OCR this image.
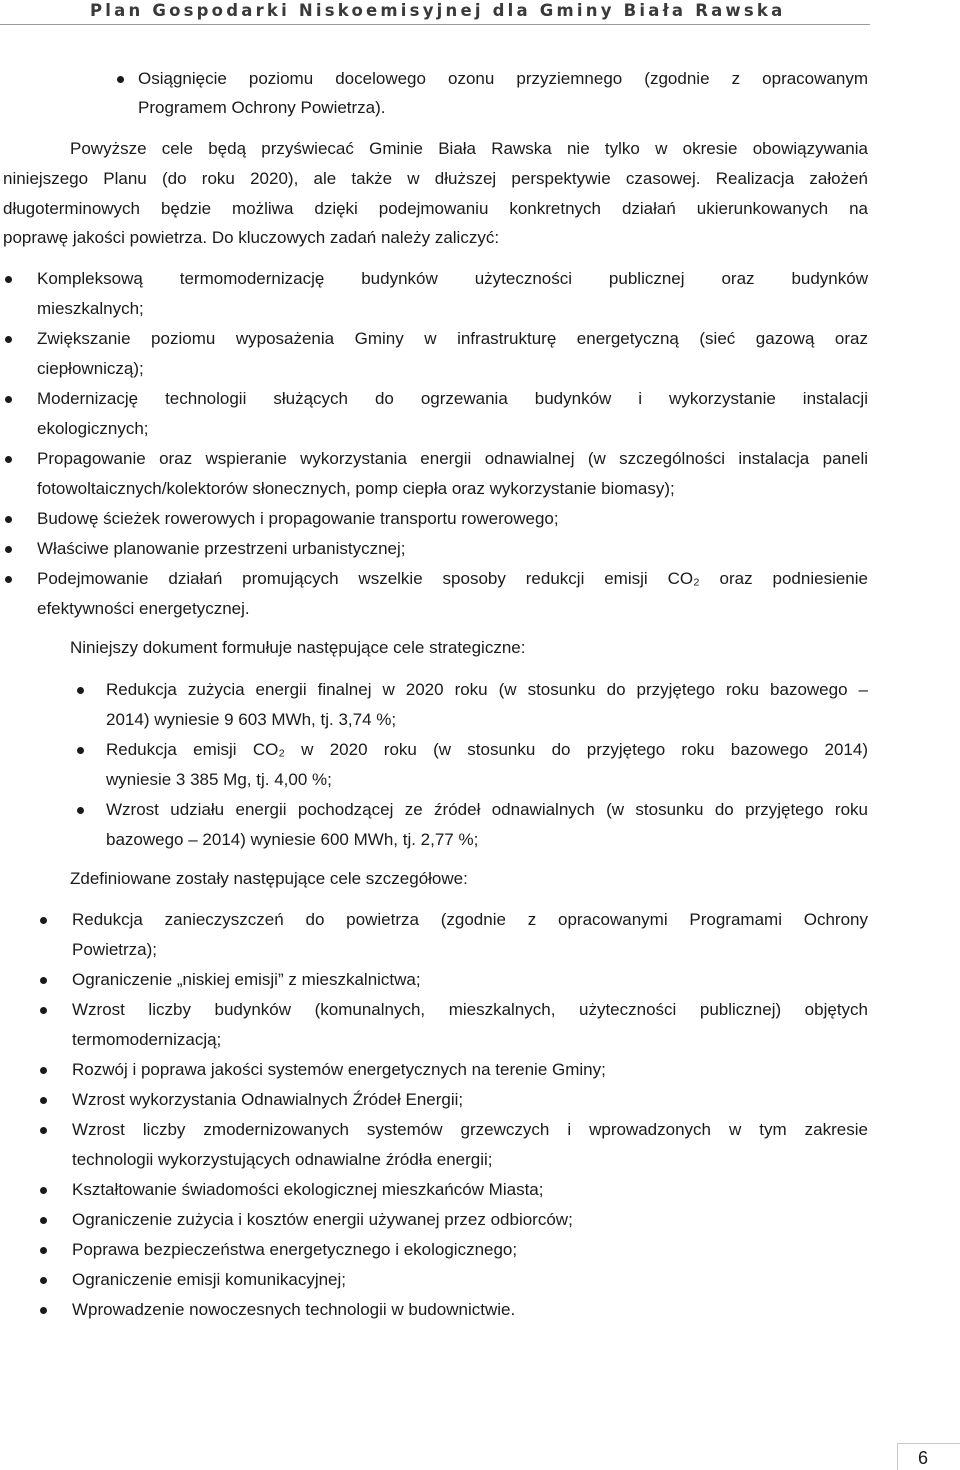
Plan Gospodarki Niskoemisyjnej dla Gminy Biała Rawska
Osiągnięcie poziomu docelowego ozonu przyziemnego (zgodnie z opracowanym
Programem Ochrony Powietrza).
Powyższe cele będą przyświecać Gminie Biała Rawska nie tylko w okresie obowiązywania
niniejszego Planu (do roku 2020), ale także w dłuższej perspektywie czasowej. Realizacja założeń
długoterminowych będzie możliwa dzięki podejmowaniu konkretnych działań ukierunkowanych na
poprawę jakości powietrza. Do kluczowych zadań należy zaliczyć:
Kompleksową termomodernizację budynków użyteczności publicznej oraz budynków
mieszkalnych;
Zwiększanie poziomu wyposażenia Gminy w infrastrukturę energetyczną (sieć gazową oraz
ciepłowniczą);
Modernizację technologii służących do ogrzewania budynków i wykorzystanie instalacji
ekologicznych;
Propagowanie oraz wspieranie wykorzystania energii odnawialnej (w szczególności instalacja paneli
fotowoltaicznych/kolektorów słonecznych, pomp ciepła oraz wykorzystanie biomasy);
Budowę ścieżek rowerowych i propagowanie transportu rowerowego;
Właściwe planowanie przestrzeni urbanistycznej;
Podejmowanie działań promujących wszelkie sposoby redukcji emisji CO₂ oraz podniesienie
efektywności energetycznej.
Niniejszy dokument formułuje następujące cele strategiczne:
Redukcja zużycia energii finalnej w 2020 roku (w stosunku do przyjętego roku bazowego –
2014) wyniesie 9 603 MWh, tj. 3,74 %;
Redukcja emisji CO₂ w 2020 roku (w stosunku do przyjętego roku bazowego 2014)
wyniesie 3 385 Mg, tj. 4,00 %;
Wzrost udziału energii pochodzącej ze źródeł odnawialnych (w stosunku do przyjętego roku
bazowego – 2014) wyniesie 600 MWh, tj. 2,77 %;
Zdefiniowane zostały następujące cele szczegółowe:
Redukcja zanieczyszczeń do powietrza (zgodnie z opracowanymi Programami Ochrony
Powietrza);
Ograniczenie „niskiej emisji” z mieszkalnictwa;
Wzrost liczby budynków (komunalnych, mieszkalnych, użyteczności publicznej) objętych
termomodernizacją;
Rozwój i poprawa jakości systemów energetycznych na terenie Gminy;
Wzrost wykorzystania Odnawialnych Źródeł Energii;
Wzrost liczby zmodernizowanych systemów grzewczych i wprowadzonych w tym zakresie
technologii wykorzystujących odnawialne źródła energii;
Kształtowanie świadomości ekologicznej mieszkańców Miasta;
Ograniczenie zużycia i kosztów energii używanej przez odbiorców;
Poprawa bezpieczeństwa energetycznego i ekologicznego;
Ograniczenie emisji komunikacyjnej;
Wprowadzenie nowoczesnych technologii w budownictwie.
6
